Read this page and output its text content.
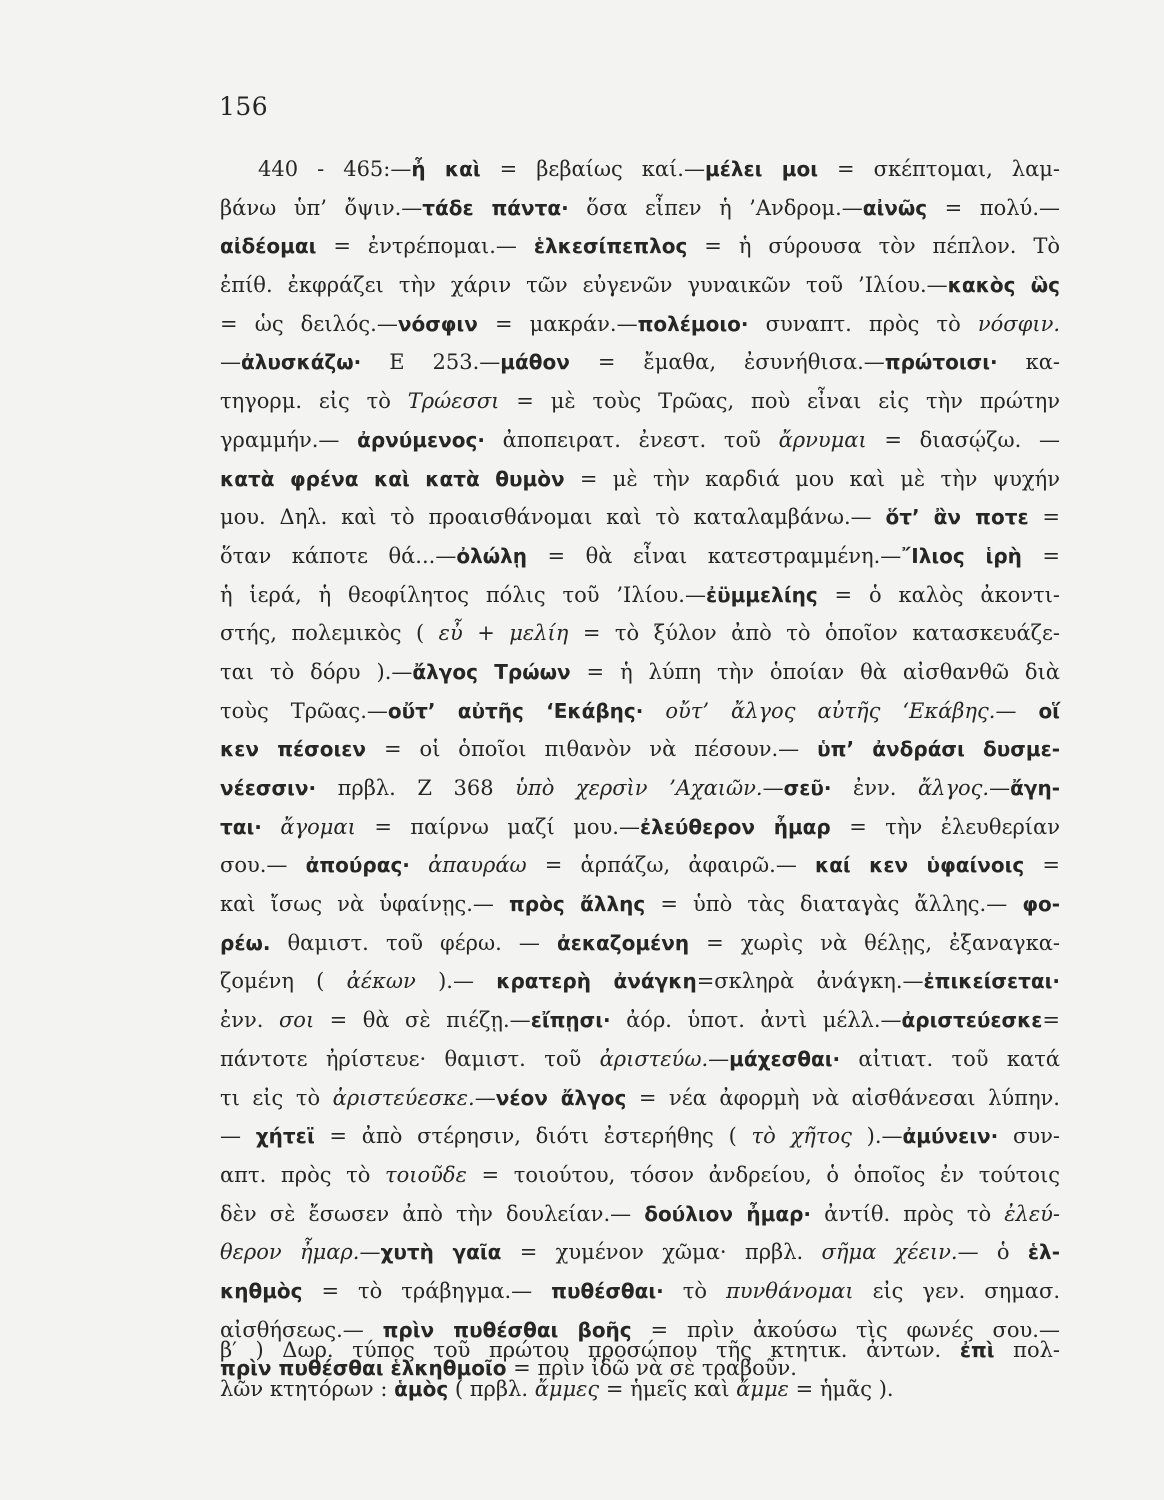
156
440 - 465:—ἦ καὶ = βεβαίως καί.—μέλει μοι = σκέπτομαι, λαμ-
βάνω ὑπ’ ὄψιν.—τάδε πάντα· ὅσα εἶπεν ἡ ’Ανδρομ.—αἰνῶς = πολύ.—
αἰδέομαι = ἐντρέπομαι.— ἑλκεσίπεπλος = ἡ σύρουσα τὸν πέπλον. Τὸ
ἐπίθ. ἐκφράζει τὴν χάριν τῶν εὐγενῶν γυναικῶν τοῦ ’Ιλίου.—κακὸς ὣς
= ὡς δειλός.—νόσφιν = μακράν.—πολέμοιο· συναπτ. πρὸς τὸ νόσφιν.
—ἀλυσκάζω· Ε 253.—μάθον = ἔμαθα, ἐσυνήθισα.—πρώτοισι· κα-
τηγορμ. εἰς τὸ Τρώεσσι = μὲ τοὺς Τρῶας, ποὺ εἶναι εἰς τὴν πρώτην
γραμμήν.— ἀρνύμενος· ἀποπειρατ. ἐνεστ. τοῦ ἄρνυμαι = διασῴζω. —
κατὰ φρένα καὶ κατὰ θυμὸν = μὲ τὴν καρδιά μου καὶ μὲ τὴν ψυχήν
μου. Δηλ. καὶ τὸ προαισθάνομαι καὶ τὸ καταλαμβάνω.— ὅτ’ ἂν ποτε =
ὅταν κάποτε θά...—ὀλώλῃ = θὰ εἶναι κατεστραμμένη.—῎Ιλιος ἱρὴ =
ἡ ἱερά, ἡ θεοφίλητος πόλις τοῦ ’Ιλίου.—ἐϋμμελίης = ὁ καλὸς ἀκοντι-
στής, πολεμικὸς ( εὖ + μελίη = τὸ ξύλον ἀπὸ τὸ ὁποῖον κατασκευάζε-
ται τὸ δόρυ ).—ἄλγος Τρώων = ἡ λύπη τὴν ὁποίαν θὰ αἰσθανθῶ διὰ
τοὺς Τρῶας.—οὔτ’ αὐτῆς ‘Εκάβης· οὔτ’ ἄλγος αὐτῆς ‘Εκάβης.— οἵ
κεν πέσοιεν = οἱ ὁποῖοι πιθανὸν νὰ πέσουν.— ὑπ’ ἀνδράσι δυσμε-
νέεσσιν· πρβλ. Ζ 368 ὑπὸ χερσὶν ’Αχαιῶν.—σεῦ· ἐνν. ἄλγος.—ἄγη-
ται· ἄγομαι = παίρνω μαζί μου.—ἐλεύθερον ἦμαρ = τὴν ἐλευθερίαν
σου.— ἀπούρας· ἀπαυράω = ἁρπάζω, ἀφαιρῶ.— καί κεν ὑφαίνοις =
καὶ ἴσως νὰ ὑφαίνῃς.— πρὸς ἄλλης = ὑπὸ τὰς διαταγὰς ἄλλης.— φο-
ρέω. θαμιστ. τοῦ φέρω. — ἀεκαζομένη = χωρὶς νὰ θέλῃς, ἐξαναγκα-
ζομένη ( ἀέκων ).— κρατερὴ ἀνάγκη=σκληρὰ ἀνάγκη.—ἐπικείσεται·
ἐνν. σοι = θὰ σὲ πιέζῃ.—εἴπῃσι· ἀόρ. ὑποτ. ἀντὶ μέλλ.—ἀριστεύεσκε=
πάντοτε ἠρίστευε· θαμιστ. τοῦ ἀριστεύω.—μάχεσθαι· αἰτιατ. τοῦ κατά
τι εἰς τὸ ἀριστεύεσκε.—νέον ἄλγος = νέα ἀφορμὴ νὰ αἰσθάνεσαι λύπην.
— χήτεϊ = ἀπὸ στέρησιν, διότι ἐστερήθης ( τὸ χῆτος ).—ἀμύνειν· συν-
απτ. πρὸς τὸ τοιοῦδε = τοιούτου, τόσον ἀνδρείου, ὁ ὁποῖος ἐν τούτοις
δὲν σὲ ἔσωσεν ἀπὸ τὴν δουλείαν.— δούλιον ἦμαρ· ἀντίθ. πρὸς τὸ ἐλεύ-
θερον ἦμαρ.—χυτὴ γαῖα = χυμένον χῶμα· πρβλ. σῆμα χέειν.— ὁ ἑλ-
κηθμὸς = τὸ τράβηγμα.— πυθέσθαι· τὸ πυνθάνομαι εἰς γεν. σημασ.
αἰσθήσεως.— πρὶν πυθέσθαι βοῆς = πρὶν ἀκούσω τὶς φωνές σου.—
πρὶν πυθέσθαι ἑλκηθμοῖο = πρὶν ἰδῶ νὰ σὲ τραβοῦν.
β′ ) Δωρ. τύπος τοῦ πρώτου προσώπου τῆς κτητικ. ἀντων. ἐπὶ πολ-
λῶν κτητόρων : ἁμὸς ( πρβλ. ἄμμες = ἡμεῖς καὶ ἄμμε = ἡμᾶς ).
